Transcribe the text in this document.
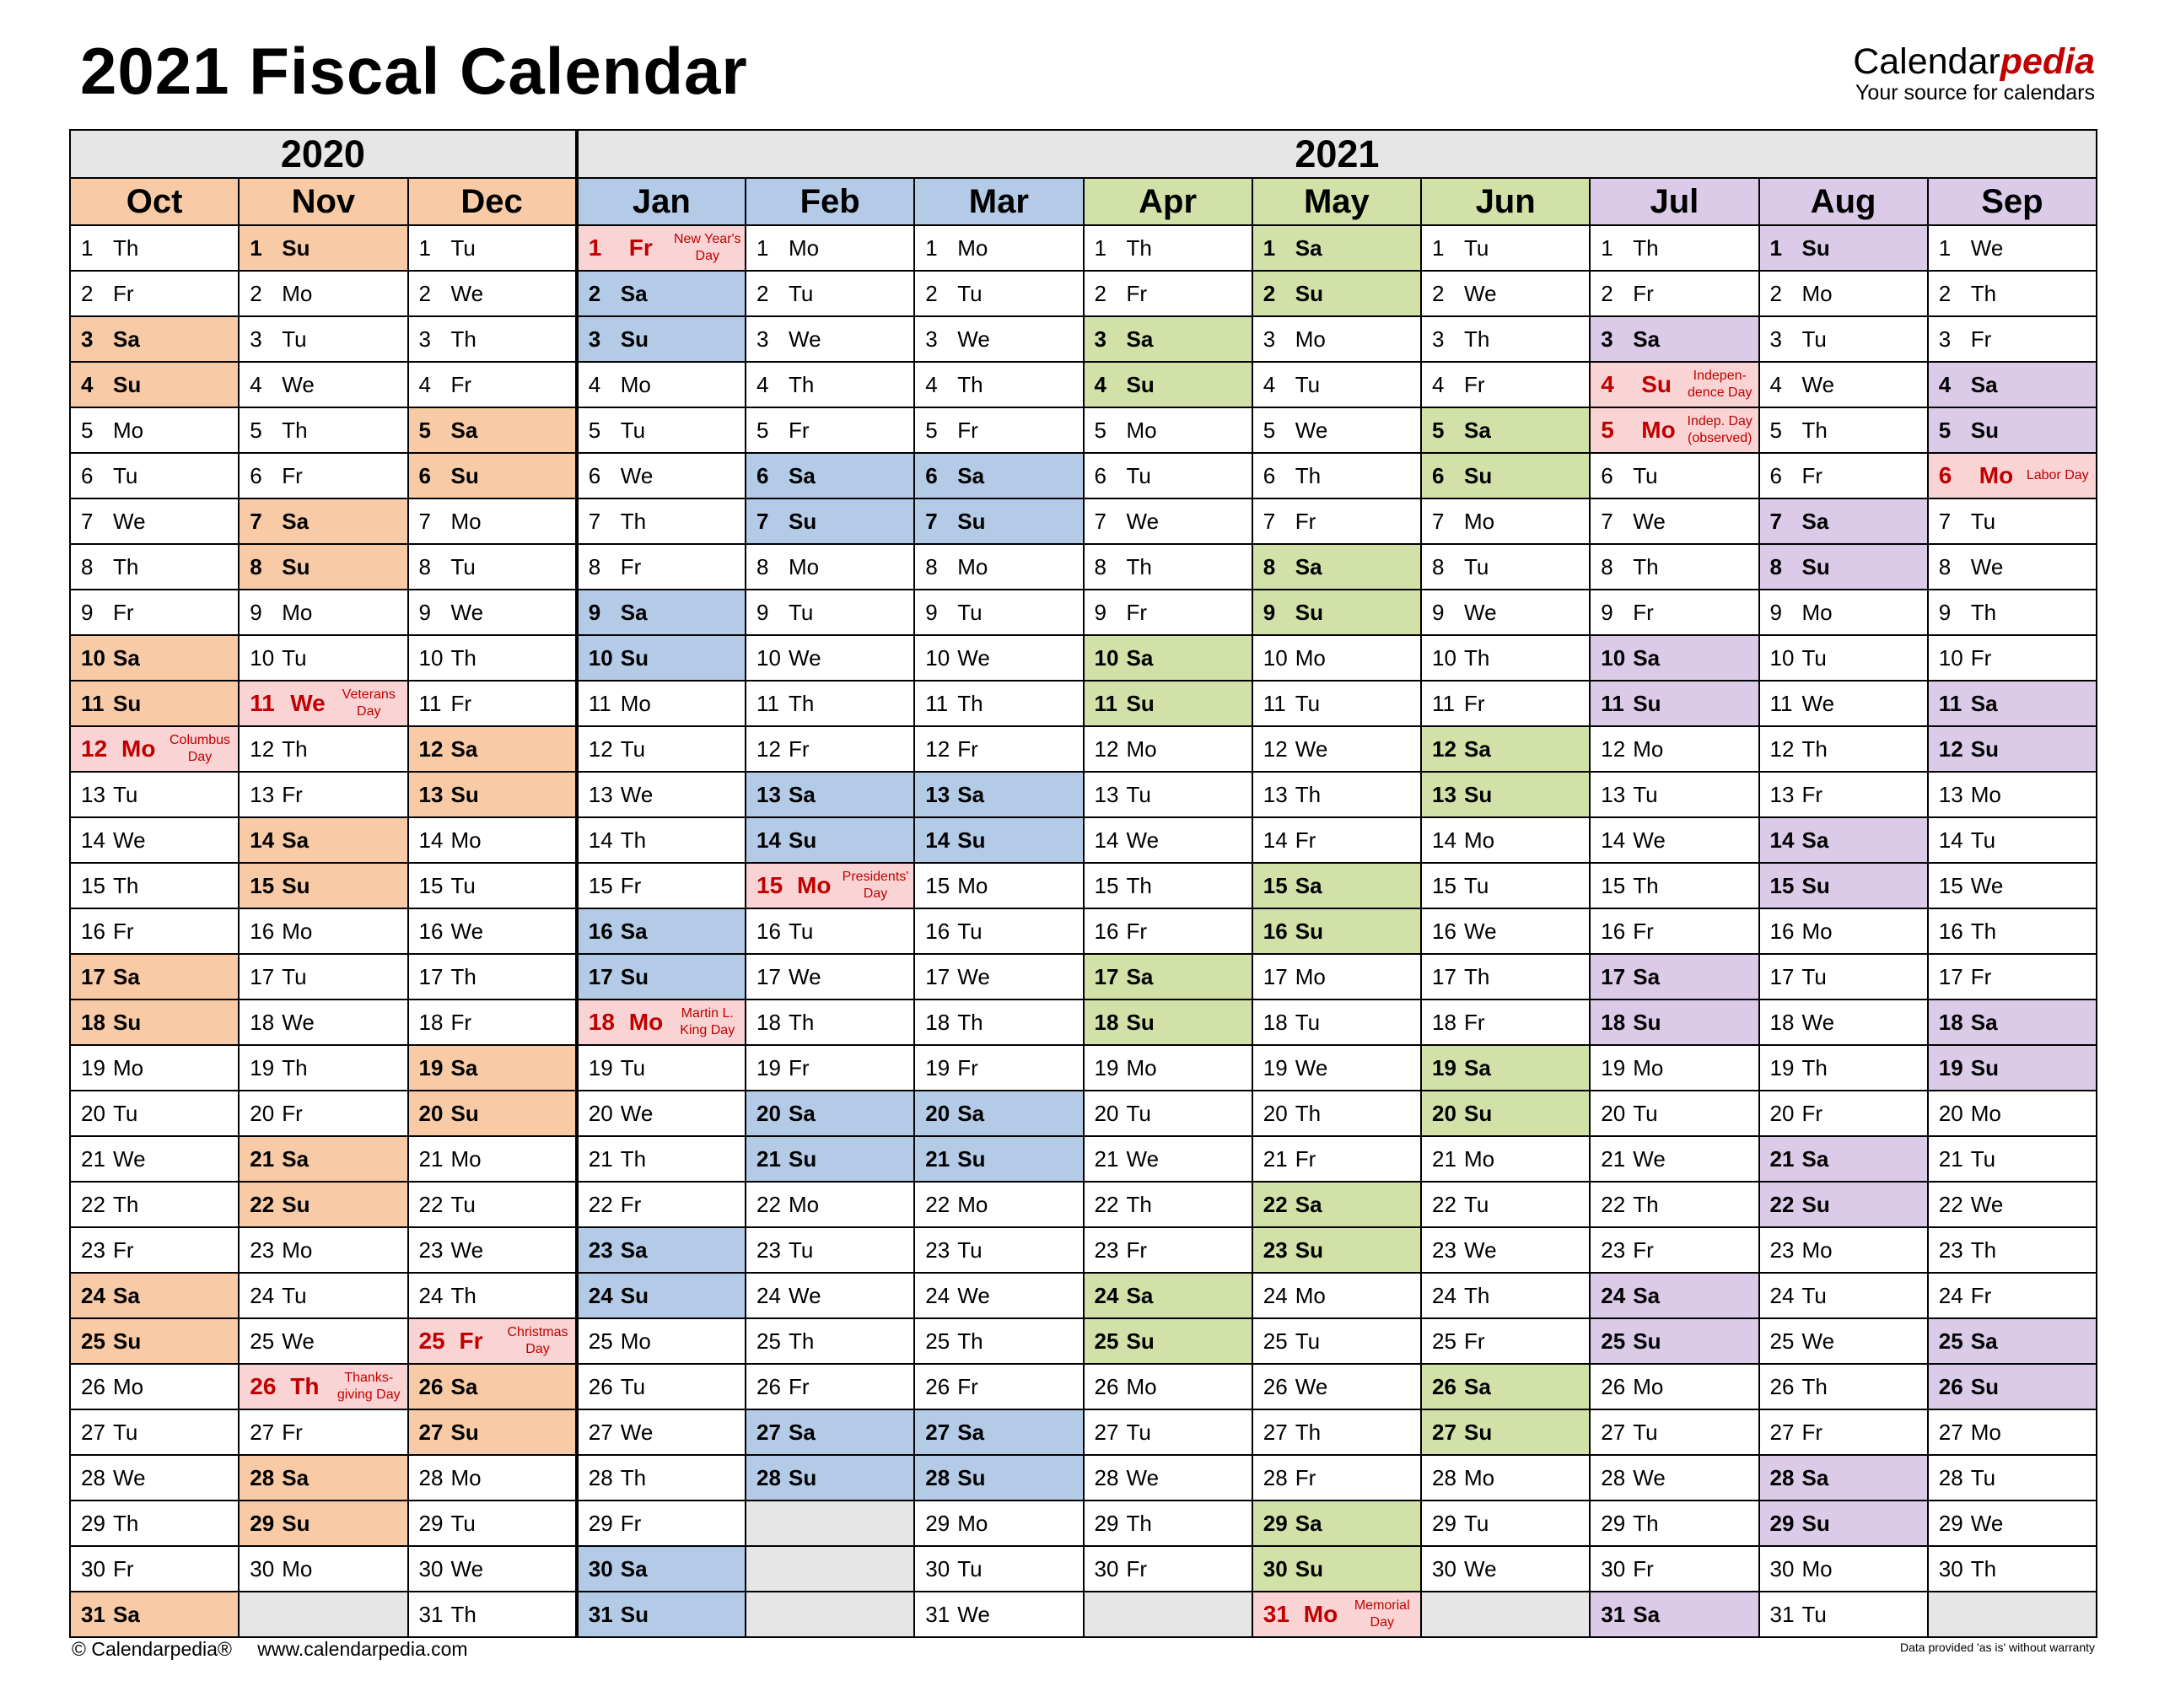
2021 Fiscal Calendar	Calendarpedia
Your source for calendars
2020			2021								
Oct	Nov	Dec	Jan	Feb	Mar	Apr	May	Jun	Jul	Aug	Sep

1 Th	1 Su	1 Tu	1 Fr New Year's Day	1 Mo	1 Mo	1 Th	1 Sa	1 Tu	1 Th	1 Su	1 We

2 Fr	2 Mo	2 We	2 Sa	2 Tu	2 Tu	2 Fr	2 Su	2 We	2 Fr	2 Mo	2 Th

3 Sa	3 Tu	3 Th	3 Su	3 We	3 We	3 Sa	3 Mo	3 Th	3 Sa	3 Tu	3 Fr

4 Su	4 We	4 Fr	4 Mo	4 Th	4 Th	4 Su	4 Tu	4 Fr	4 Su Indepen-dence Day	4 We	4 Sa

5 Mo	5 Th	5 Sa	5 Tu	5 Fr	5 Fr	5 Mo	5 We	5 Sa	5 Mo Indep. Day (observed)	5 Th	5 Su

6 Tu	6 Fr	6 Su	6 We	6 Sa	6 Sa	6 Tu	6 Th	6 Su	6 Tu	6 Fr	6 Mo Labor Day

7 We	7 Sa	7 Mo	7 Th	7 Su	7 Su	7 We	7 Fr	7 Mo	7 We	7 Sa	7 Tu

8 Th	8 Su	8 Tu	8 Fr	8 Mo	8 Mo	8 Th	8 Sa	8 Tu	8 Th	8 Su	8 We

9 Fr	9 Mo	9 We	9 Sa	9 Tu	9 Tu	9 Fr	9 Su	9 We	9 Fr	9 Mo	9 Th

10 Sa	10 Tu	10 Th	10 Su	10 We	10 We	10 Sa	10 Mo	10 Th	10 Sa	10 Tu	10 Fr

11 Su	11 We Veterans Day	11 Fr	11 Mo	11 Th	11 Th	11 Su	11 Tu	11 Fr	11 Su	11 We	11 Sa

12 Mo Columbus Day	12 Th	12 Sa	12 Tu	12 Fr	12 Fr	12 Mo	12 We	12 Sa	12 Mo	12 Th	12 Su

13 Tu	13 Fr	13 Su	13 We	13 Sa	13 Sa	13 Tu	13 Th	13 Su	13 Tu	13 Fr	13 Mo

14 We	14 Sa	14 Mo	14 Th	14 Su	14 Su	14 We	14 Fr	14 Mo	14 We	14 Sa	14 Tu

15 Th	15 Su	15 Tu	15 Fr	15 Mo Presidents' Day	15 Mo	15 Th	15 Sa	15 Tu	15 Th	15 Su	15 We

16 Fr	16 Mo	16 We	16 Sa	16 Tu	16 Tu	16 Fr	16 Su	16 We	16 Fr	16 Mo	16 Th

17 Sa	17 Tu	17 Th	17 Su	17 We	17 We	17 Sa	17 Mo	17 Th	17 Sa	17 Tu	17 Fr

18 Su	18 We	18 Fr	18 Mo Martin L. King Day	18 Th	18 Th	18 Su	18 Tu	18 Fr	18 Su	18 We	18 Sa

19 Mo	19 Th	19 Sa	19 Tu	19 Fr	19 Fr	19 Mo	19 We	19 Sa	19 Mo	19 Th	19 Su

20 Tu	20 Fr	20 Su	20 We	20 Sa	20 Sa	20 Tu	20 Th	20 Su	20 Tu	20 Fr	20 Mo

21 We	21 Sa	21 Mo	21 Th	21 Su	21 Su	21 We	21 Fr	21 Mo	21 We	21 Sa	21 Tu

22 Th	22 Su	22 Tu	22 Fr	22 Mo	22 Mo	22 Th	22 Sa	22 Tu	22 Th	22 Su	22 We

23 Fr	23 Mo	23 We	23 Sa	23 Tu	23 Tu	23 Fr	23 Su	23 We	23 Fr	23 Mo	23 Th

24 Sa	24 Tu	24 Th	24 Su	24 We	24 We	24 Sa	24 Mo	24 Th	24 Sa	24 Tu	24 Fr

25 Su	25 We	25 Fr Christmas Day	25 Mo	25 Th	25 Th	25 Su	25 Tu	25 Fr	25 Su	25 We	25 Sa

26 Mo	26 Th Thanks-giving Day	26 Sa	26 Tu	26 Fr	26 Fr	26 Mo	26 We	26 Sa	26 Mo	26 Th	26 Su

27 Tu	27 Fr	27 Su	27 We	27 Sa	27 Sa	27 Tu	27 Th	27 Su	27 Tu	27 Fr	27 Mo

28 We	28 Sa	28 Mo	28 Th	28 Su	28 Su	28 We	28 Fr	28 Mo	28 We	28 Sa	28 Tu

29 Th	29 Su	29 Tu	29 Fr		29 Mo	29 Th	29 Sa	29 Tu	29 Th	29 Su	29 We

30 Fr	30 Mo	30 We	30 Sa		30 Tu	30 Fr	30 Su	30 We	30 Fr	30 Mo	30 Th

31 Sa		31 Th	31 Su		31 We		31 Mo Memorial Day		31 Sa	31 Tu	

© Calendarpedia® www.calendarpedia.com	Data provided 'as is' without warranty
